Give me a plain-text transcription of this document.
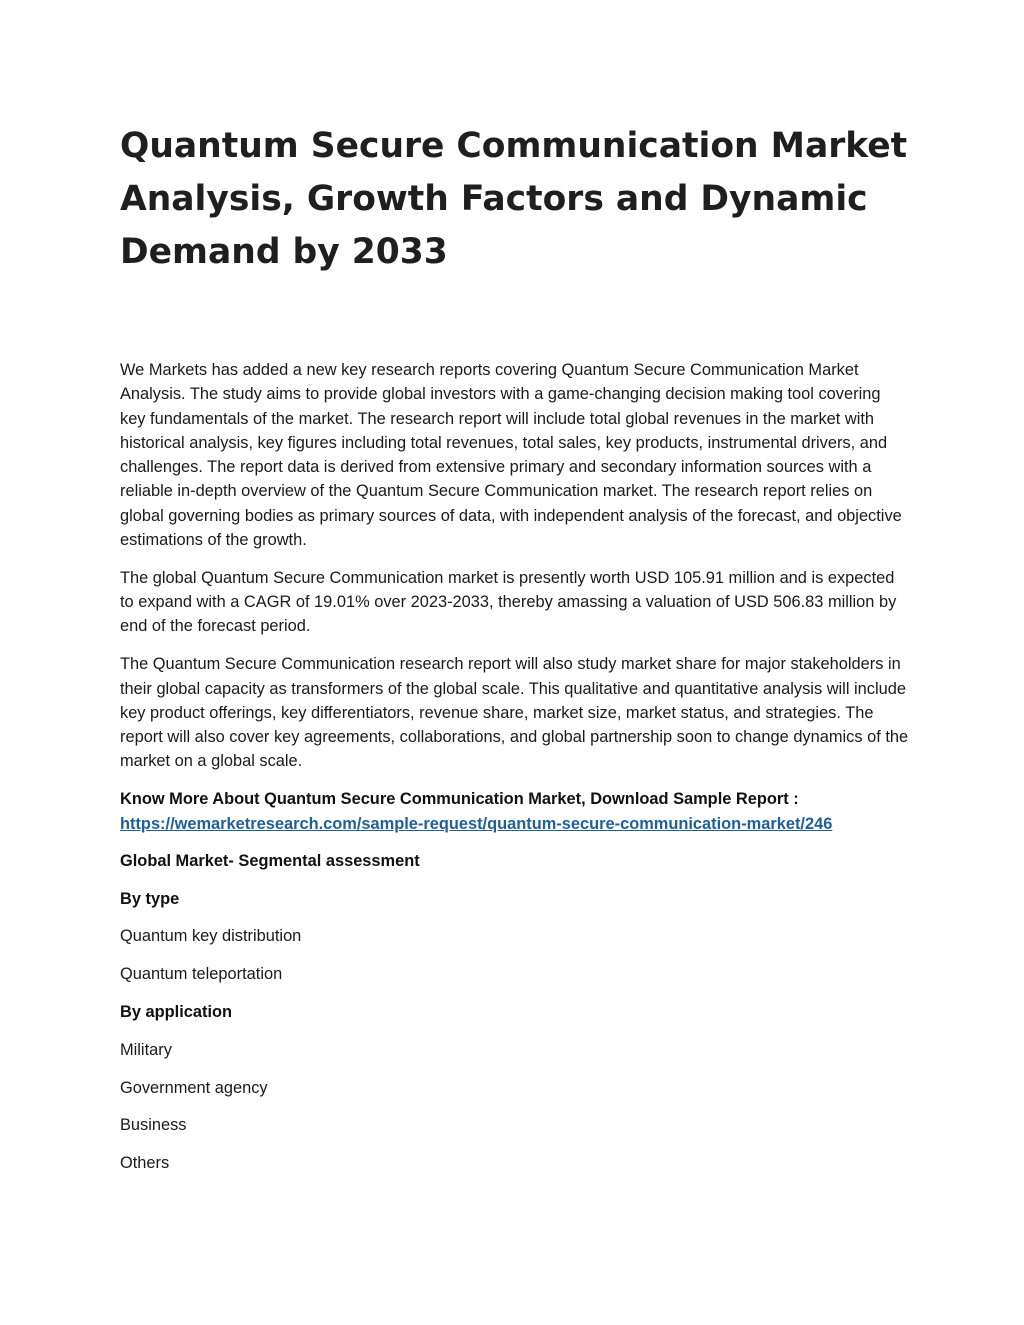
Quantum Secure Communication Market Analysis, Growth Factors and Dynamic Demand by 2033

We Markets has added a new key research reports covering Quantum Secure Communication Market Analysis. The study aims to provide global investors with a game-changing decision making tool covering key fundamentals of the market. The research report will include total global revenues in the market with historical analysis, key figures including total revenues, total sales, key products, instrumental drivers, and challenges. The report data is derived from extensive primary and secondary information sources with a reliable in-depth overview of the Quantum Secure Communication market. The research report relies on global governing bodies as primary sources of data, with independent analysis of the forecast, and objective estimations of the growth.

The global Quantum Secure Communication market is presently worth USD 105.91 million and is expected to expand with a CAGR of 19.01% over 2023-2033, thereby amassing a valuation of USD 506.83 million by end of the forecast period.

The Quantum Secure Communication research report will also study market share for major stakeholders in their global capacity as transformers of the global scale. This qualitative and quantitative analysis will include key product offerings, key differentiators, revenue share, market size, market status, and strategies. The report will also cover key agreements, collaborations, and global partnership soon to change dynamics of the market on a global scale.

Know More About Quantum Secure Communication Market, Download Sample Report :
https://wemarketresearch.com/sample-request/quantum-secure-communication-market/246

Global Market- Segmental assessment

By type

Quantum key distribution

Quantum teleportation

By application

Military

Government agency

Business

Others
